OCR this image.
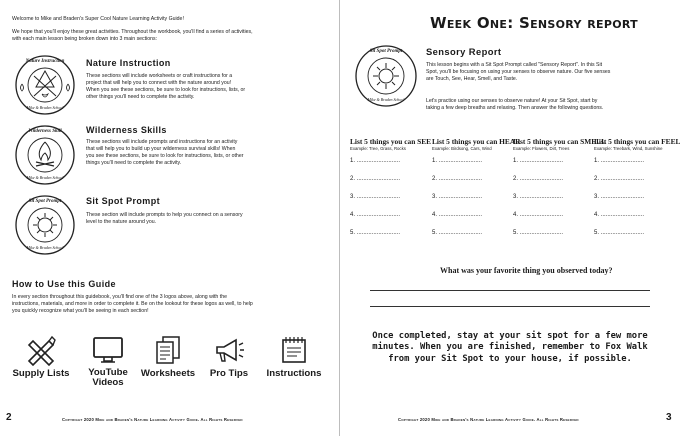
Welcome to Mike and Braden's Super Cool Nature Learning Activity Guide!

We hope that you'll enjoy these great activities. Throughout the workbook, you'll find a series of activities,

with each main lesson being broken down into 3 main sections:

Nature Instruction
Mike & Braden School
Nature Instruction

These sections will include worksheets or craft instructions for a

project that will help you to connect with the nature around you!

When you see these sections, be sure to look for instructions, lists, or

other things you'll need to complete the activity.

Wilderness Skill
Mike & Braden School
Wilderness Skills

These sections will include prompts and instructions for an activity

that will help you to build up your wilderness survival skills! When

you see these sections, be sure to look for instructions, lists, or other

things you'll need to complete the activity.

Sit Spot Prompt
Mike & Braden School
Sit Spot Prompt

These section will include prompts to help you connect on a sensory

level to the nature around you.

How to Use this Guide

In every section throughout this guidebook, you'll find one of the 3 logos above, along with the

instructions, materials, and more in order to complete it. Be on the lookout for these logos as well, to help

you quickly recognize what you'll be seeing in each section!

Supply Lists	YouTube Videos
Worksheets	Pro Tips	Instructions
2	Copyright 2020 Mike and Braden's Nature Learning Activity Guide. All Rights Reserved
Week One: Sensory report
Sit Spot Prompt
Mike & Braden School
Sensory Report

This lesson begins with a Sit Spot Prompt called "Sensory Report". In this Sit

Spot, you'll be focusing on using your senses to observe nature. Our five senses

are Touch, See, Hear, Smell, and Taste.

Let's practice using our senses to observe nature! At your Sit Spot, start by

taking a few deep breaths and relaxing. Then answer the following questions.

List 5 things you can SEE
Example: Tree, Grass, Rocks
1. ..........................
2. ..........................
3. ..........................
4. ..........................
5. ..........................
List 5 things you can HEAR
Example: Birdsong, Cars, Wind
1. ..........................
2. ..........................
3. ..........................
4. ..........................
5. ..........................
List 5 things you can SMELL
Example: Flowers, Dirt, Trees
1. ..........................
2. ..........................
3. ..........................
4. ..........................
5. ..........................
List 5 things you can FEEL
Example: Treebark, Wind, Sunshine
1. ..........................
2. ..........................
3. ..........................
4. ..........................
5. ..........................
What was your favorite thing you observed today?
Once completed, stay at your sit spot for a few more
minutes. When you are finished, remember to Fox Walk
from your Sit Spot to your house, if possible.
Copyright 2020 Mike and Braden's Nature Learning Activity Guide. All Rights Reserved	3
